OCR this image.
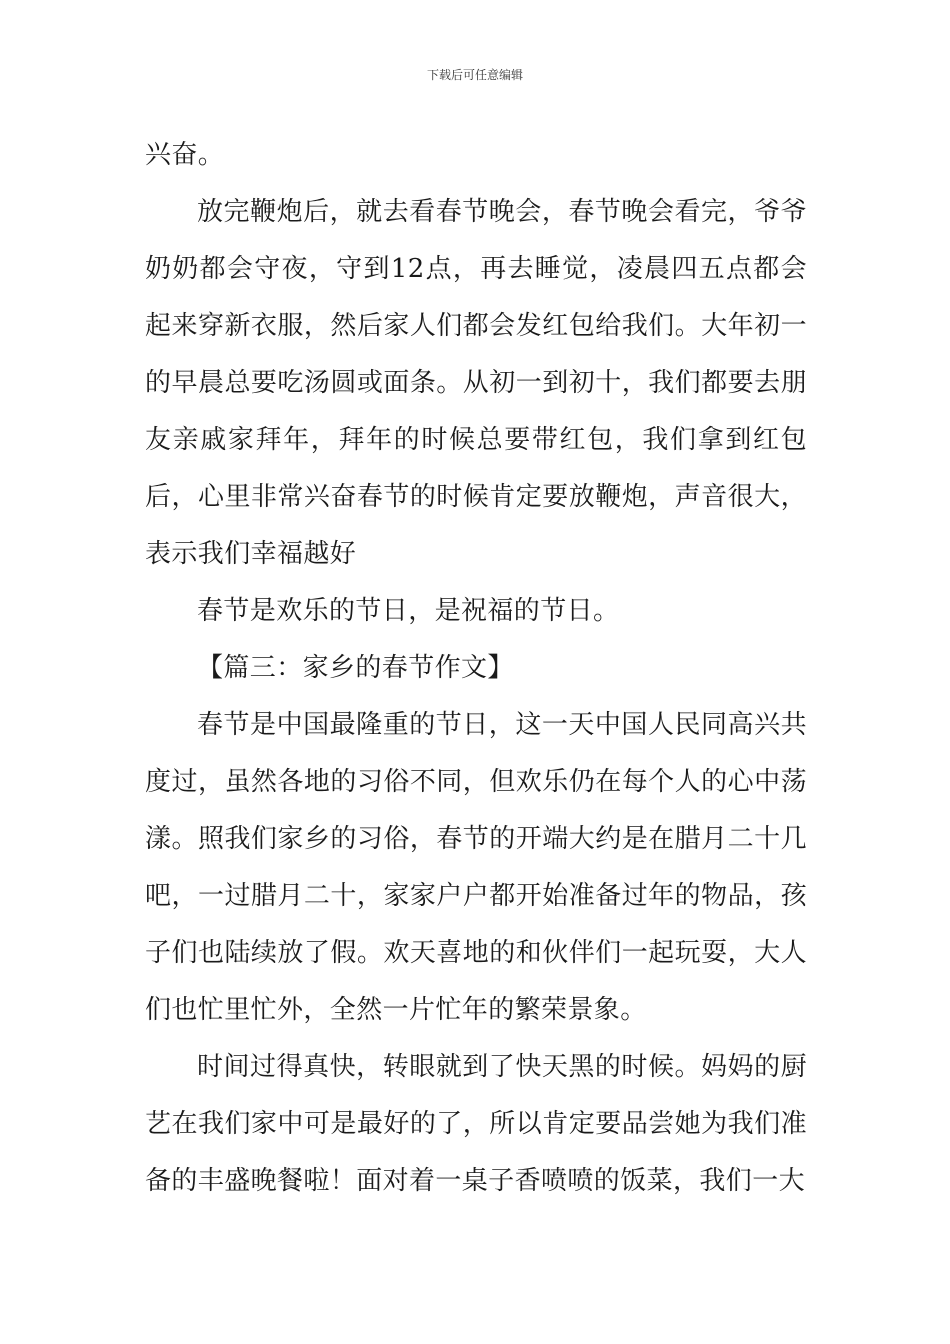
下载后可任意编辑

兴奋。

放完鞭炮后，就去看春节晚会，春节晚会看完，爷爷奶奶都会守夜，守到12点，再去睡觉，凌晨四五点都会起来穿新衣服，然后家人们都会发红包给我们。大年初一的早晨总要吃汤圆或面条。从初一到初十，我们都要去朋友亲戚家拜年，拜年的时候总要带红包，我们拿到红包后，心里非常兴奋春节的时候肯定要放鞭炮，声音很大，表示我们幸福越好

春节是欢乐的节日，是祝福的节日。

【篇三：家乡的春节作文】

春节是中国最隆重的节日，这一天中国人民同高兴共度过，虽然各地的习俗不同，但欢乐仍在每个人的心中荡漾。照我们家乡的习俗，春节的开端大约是在腊月二十几吧，一过腊月二十，家家户户都开始准备过年的物品，孩子们也陆续放了假。欢天喜地的和伙伴们一起玩耍，大人们也忙里忙外，全然一片忙年的繁荣景象。

时间过得真快，转眼就到了快天黑的时候。妈妈的厨艺在我们家中可是最好的了，所以肯定要品尝她为我们准备的丰盛晚餐啦！面对着一桌子香喷喷的饭菜，我们一大
